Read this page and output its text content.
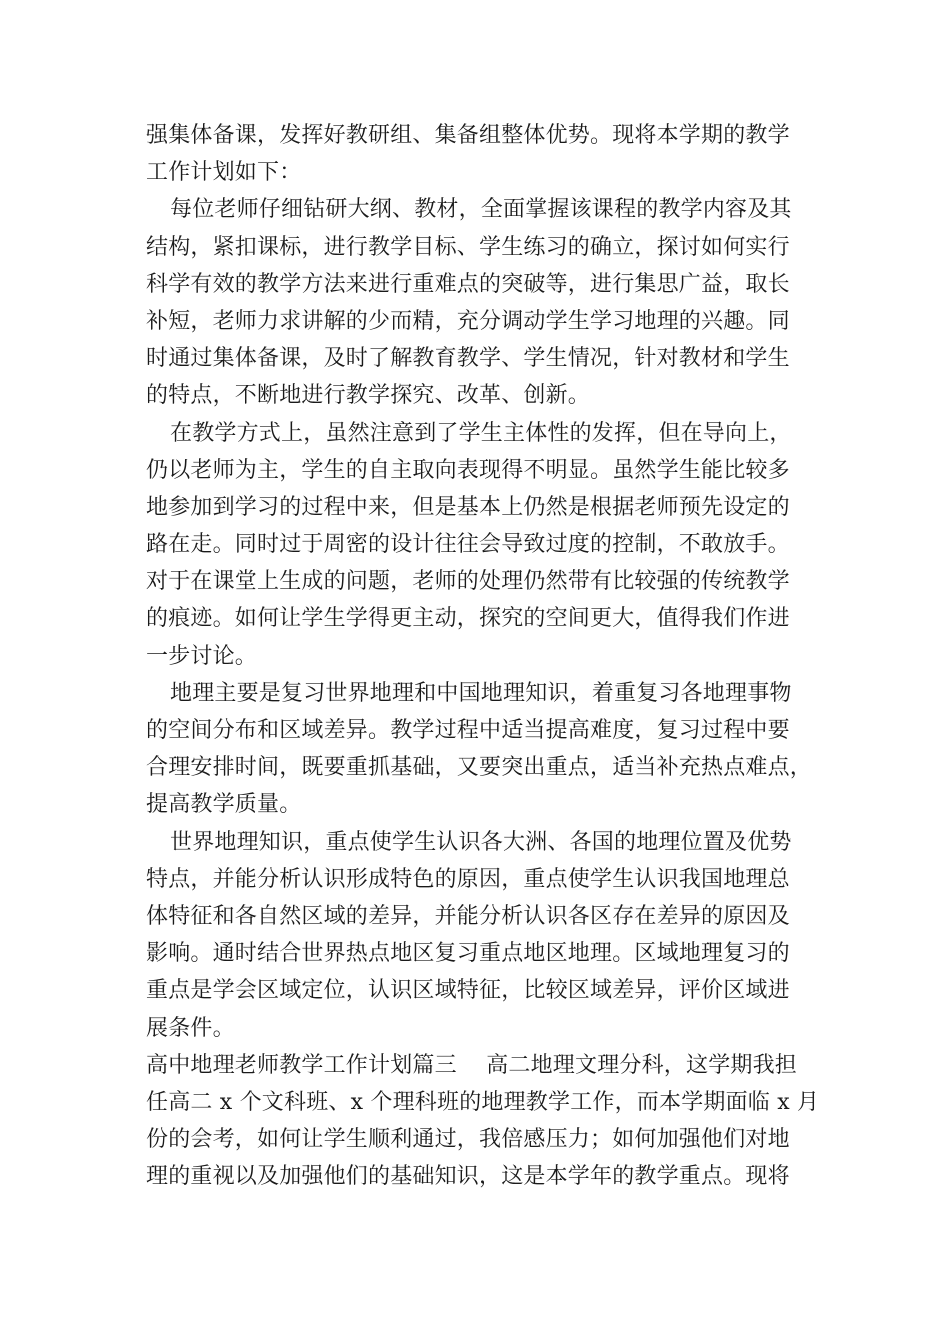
强集体备课，发挥好教研组、集备组整体优势。现将本学期的教学
工作计划如下：
每位老师仔细钻研大纲、教材，全面掌握该课程的教学内容及其
结构，紧扣课标，进行教学目标、学生练习的确立，探讨如何实行
科学有效的教学方法来进行重难点的突破等，进行集思广益，取长
补短，老师力求讲解的少而精，充分调动学生学习地理的兴趣。同
时通过集体备课，及时了解教育教学、学生情况，针对教材和学生
的特点，不断地进行教学探究、改革、创新。
在教学方式上，虽然注意到了学生主体性的发挥，但在导向上，
仍以老师为主，学生的自主取向表现得不明显。虽然学生能比较多
地参加到学习的过程中来，但是基本上仍然是根据老师预先设定的
路在走。同时过于周密的设计往往会导致过度的控制，不敢放手。
对于在课堂上生成的问题，老师的处理仍然带有比较强的传统教学
的痕迹。如何让学生学得更主动，探究的空间更大，值得我们作进
一步讨论。
地理主要是复习世界地理和中国地理知识，着重复习各地理事物
的空间分布和区域差异。教学过程中适当提高难度，复习过程中要
合理安排时间，既要重抓基础，又要突出重点，适当补充热点难点，
提高教学质量。
世界地理知识，重点使学生认识各大洲、各国的地理位置及优势
特点，并能分析认识形成特色的原因，重点使学生认识我国地理总
体特征和各自然区域的差异，并能分析认识各区存在差异的原因及
影响。通时结合世界热点地区复习重点地区地理。区域地理复习的
重点是学会区域定位，认识区域特征，比较区域差异，评价区域进
展条件。
高中地理老师教学工作计划篇三　 高二地理文理分科，这学期我担
任高二 x 个文科班、x 个理科班的地理教学工作，而本学期面临 x 月
份的会考，如何让学生顺利通过，我倍感压力；如何加强他们对地
理的重视以及加强他们的基础知识，这是本学年的教学重点。现将
